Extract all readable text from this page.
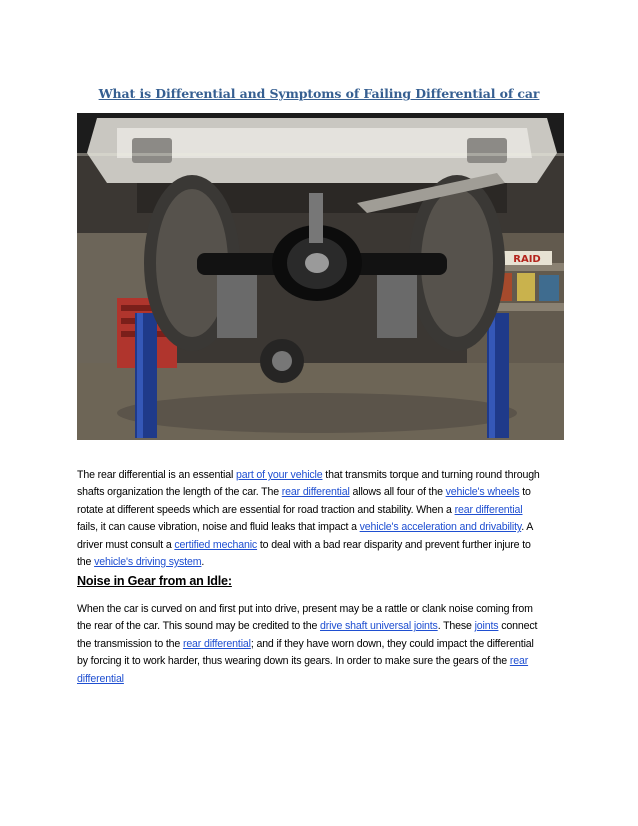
What is Differential and Symptoms of Failing Differential of car
RAID
The rear differential is an essential part of your vehicle that transmits torque and turning round through
shafts organization the length of the car. The rear differential allows all four of the vehicle's wheels to
rotate at different speeds which are essential for road traction and stability. When a rear differential
fails, it can cause vibration, noise and fluid leaks that impact a vehicle's acceleration and drivability. A
driver must consult a certified mechanic to deal with a bad rear disparity and prevent further injure to
the vehicle's driving system.
Noise in Gear from an Idle:
When the car is curved on and first put into drive, present may be a rattle or clank noise coming from
the rear of the car. This sound may be credited to the drive shaft universal joints. These joints connect
the transmission to the rear differential; and if they have worn down, they could impact the differential
by forcing it to work harder, thus wearing down its gears. In order to make sure the gears of the rear
differential
